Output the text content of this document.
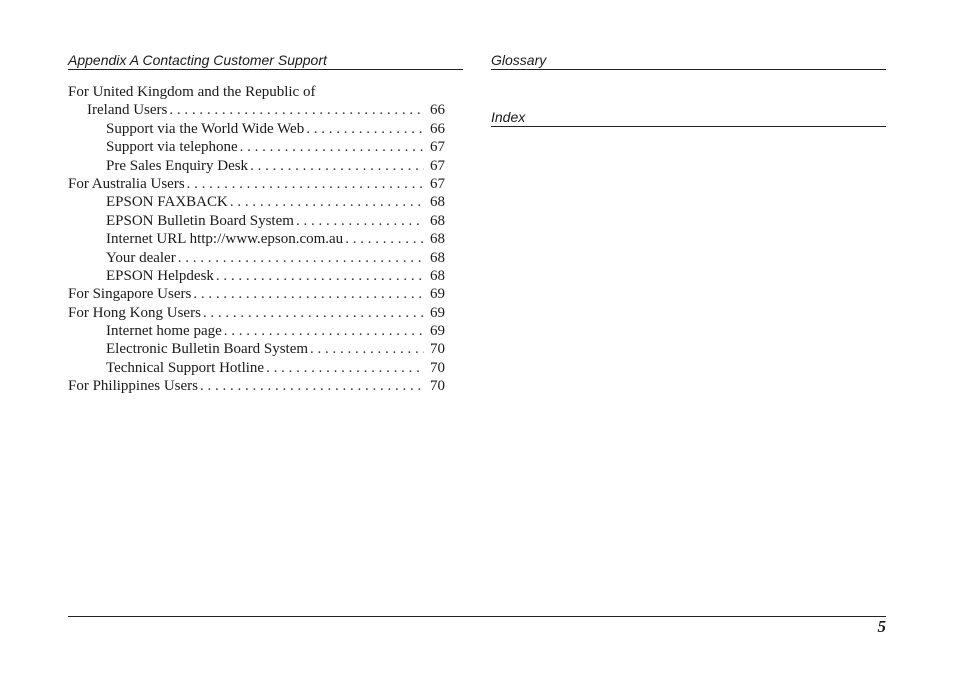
Appendix A Contacting Customer Support
For United Kingdom and the Republic of
Ireland Users . . .	66
Support via the World Wide Web . . .	66
Support via telephone . . .	67
Pre Sales Enquiry Desk . . .	67
For Australia Users . . .	67
EPSON FAXBACK . . .	68
EPSON Bulletin Board System . . .	68
Internet URL http://www.epson.com.au . . .	68
Your dealer . . .	68
EPSON Helpdesk . . .	68
For Singapore Users . . .	69
For Hong Kong Users . . .	69
Internet home page . . .	69
Electronic Bulletin Board System . . .	70
Technical Support Hotline . . .	70
For Philippines Users . . .	70
Glossary
Index
5
